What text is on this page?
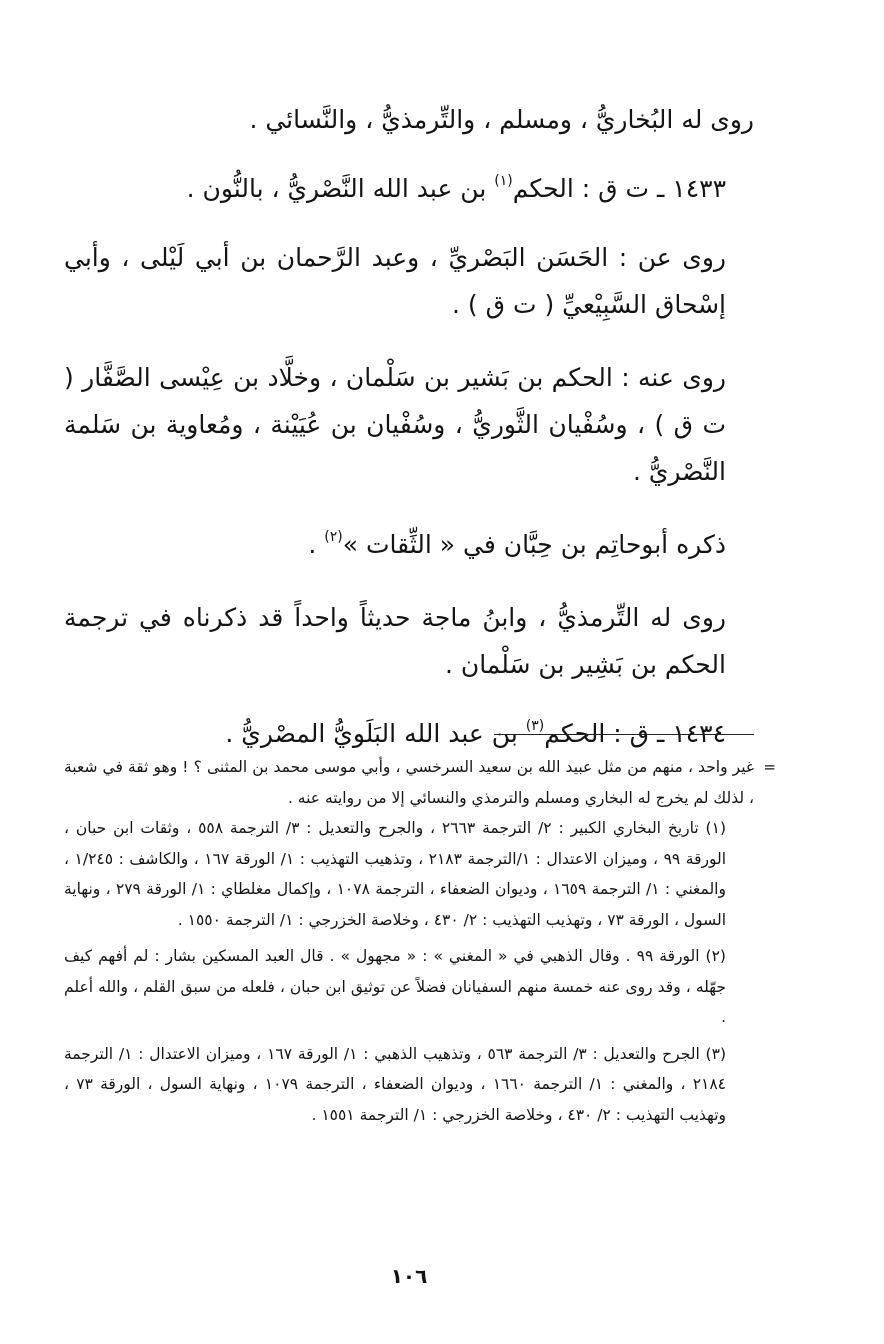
روى له البُخاريُّ ، ومسلم ، والتِّرمذيُّ ، والنَّسائي .

١٤٣٣ ـ ت ق : الحكم$^{(١)}$ بن عبد الله النَّصْريُّ ، بالنُّون .

روى عن : الحَسَن البَصْريِّ ، وعبد الرَّحمان بن أبي لَيْلى ، وأبي إسْحاق السَّبِيْعيِّ ( ت ق ) .

روى عنه : الحكم بن بَشير بن سَلْمان ، وخلَّاد بن عِيْسى الصَّفَّار ( ت ق ) ، وسُفْيان الثَّوريُّ ، وسُفْيان بن عُيَيْنة ، ومُعاوية بن سَلمة النَّصْريُّ .

ذكره أبوحاتِم بن حِبَّان في « الثِّقات »$^{(٢)}$ .

روى له التِّرمذيُّ ، وابنُ ماجة حديثاً واحداً قد ذكرناه في ترجمة الحكم بن بَشِير بن سَلْمان .

١٤٣٤ ـ ق : الحكم$^{(٣)}$ بن عبد الله البَلَويُّ المصْريُّ .

=
غير واحد ، منهم من مثل عبيد الله بن سعيد السرخسي ، وأبي موسى محمد بن المثنى ؟ ! وهو ثقة في شعبة ، لذلك لم يخرج له البخاري ومسلم والترمذي والنسائي إلا من روايته عنه .

(١) تاريخ البخاري الكبير : ٢/ الترجمة ٢٦٦٣ ، والجرح والتعديل : ٣/ الترجمة ٥٥٨ ، وثقات ابن حبان ، الورقة ٩٩ ، وميزان الاعتدال : ١/الترجمة ٢١٨٣ ، وتذهيب التهذيب : ١/ الورقة ١٦٧ ، والكاشف : ١/٢٤٥ ، والمغني : ١/ الترجمة ١٦٥٩ ، وديوان الضعفاء ، الترجمة ١٠٧٨ ، وإكمال مغلطاي : ١/ الورقة ٢٧٩ ، ونهاية السول ، الورقة ٧٣ ، وتهذيب التهذيب : ٢/ ٤٣٠ ، وخلاصة الخزرجي : ١/ الترجمة ١٥٥٠ .

(٢) الورقة ٩٩ . وقال الذهبي في « المغني » : « مجهول » . قال العبد المسكين بشار : لم أفهم كيف جهّله ، وقد روى عنه خمسة منهم السفيانان فضلاً عن توثيق ابن حبان ، فلعله من سبق القلم ، والله أعلم .

(٣) الجرح والتعديل : ٣/ الترجمة ٥٦٣ ، وتذهيب الذهبي : ١/ الورقة ١٦٧ ، وميزان الاعتدال : ١/ الترجمة ٢١٨٤ ، والمغني : ١/ الترجمة ١٦٦٠ ، وديوان الضعفاء ، الترجمة ١٠٧٩ ، ونهاية السول ، الورقة ٧٣ ، وتهذيب التهذيب : ٢/ ٤٣٠ ، وخلاصة الخزرجي : ١/ الترجمة ١٥٥١ .

١٠٦
